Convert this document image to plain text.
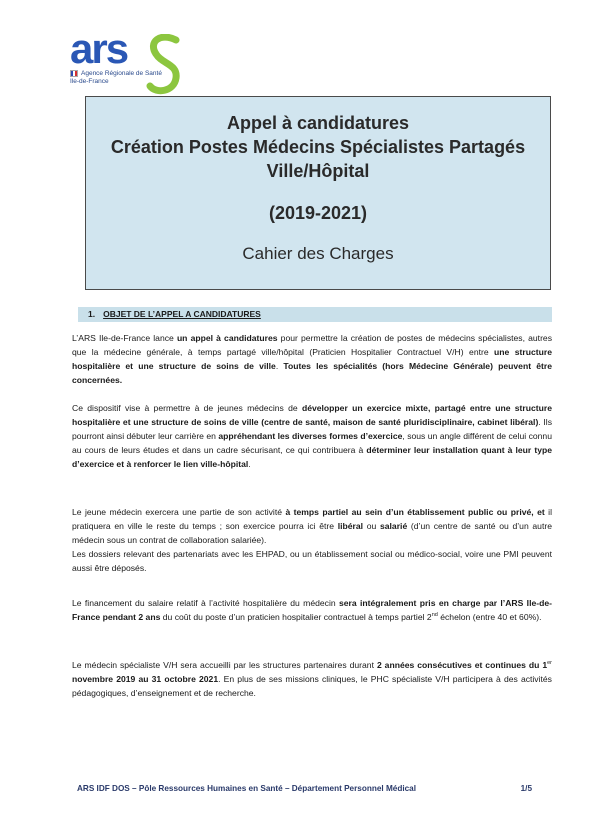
ars
Agence Régionale de Santé
Ile-de-France
Appel à candidatures
Création Postes Médecins Spécialistes Partagés
Ville/Hôpital
(2019-2021)
Cahier des Charges
1. OBJET DE L’APPEL A CANDIDATURES
L’ARS Ile-de-France lance un appel à candidatures pour permettre la création de postes de médecins spécialistes, autres que la médecine générale, à temps partagé ville/hôpital (Praticien Hospitalier Contractuel V/H) entre une structure hospitalière et une structure de soins de ville. Toutes les spécialités (hors Médecine Générale) peuvent être concernées.
Ce dispositif vise à permettre à de jeunes médecins de développer un exercice mixte, partagé entre une structure hospitalière et une structure de soins de ville (centre de santé, maison de santé pluridisciplinaire, cabinet libéral). Ils pourront ainsi débuter leur carrière en appréhendant les diverses formes d’exercice, sous un angle différent de celui connu au cours de leurs études et dans un cadre sécurisant, ce qui contribuera à déterminer leur installation quant à leur type d’exercice et à renforcer le lien ville-hôpital.
Le jeune médecin exercera une partie de son activité à temps partiel au sein d’un établissement public ou privé, et il pratiquera en ville le reste du temps ; son exercice pourra ici être libéral ou salarié (d’un centre de santé ou d’un autre médecin sous un contrat de collaboration salariée).
Les dossiers relevant des partenariats avec les EHPAD, ou un établissement social ou médico-social, voire une PMI peuvent aussi être déposés.
Le financement du salaire relatif à l’activité hospitalière du médecin sera intégralement pris en charge par l’ARS Ile-de-France pendant 2 ans du coût du poste d’un praticien hospitalier contractuel à temps partiel 2nd échelon (entre 40 et 60%).
Le médecin spécialiste V/H sera accueilli par les structures partenaires durant 2 années consécutives et continues du 1er novembre 2019 au 31 octobre 2021. En plus de ses missions cliniques, le PHC spécialiste V/H participera à des activités pédagogiques, d’enseignement et de recherche.
ARS IDF DOS – Pôle Ressources Humaines en Santé – Département Personnel Médical	1/5
